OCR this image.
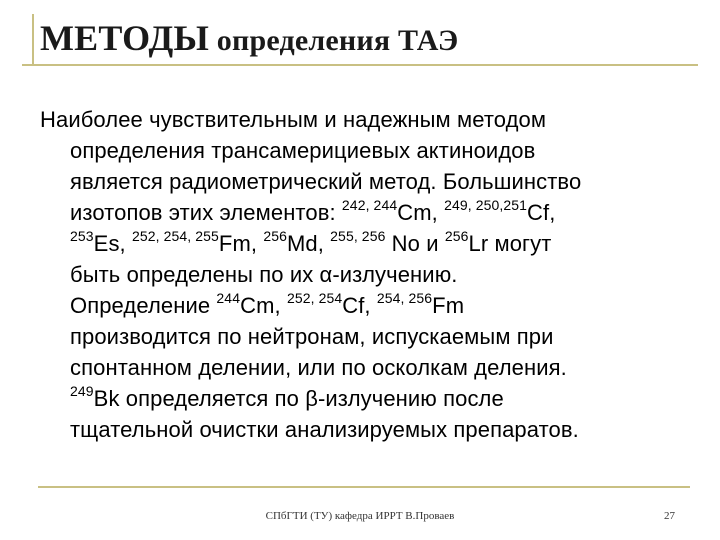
МЕТОДЫ определения ТАЭ
Наиболее чувствительным и надежным методом
определения трансамерициевых актиноидов
является радиометрический метод. Большинство
изотопов этих элементов: $^{242, 244}$Cm, $^{249, 250,251}$Cf,
$^{253}$Es, $^{252, 254, 255}$Fm, $^{256}$Md, $^{255, 256}$ No и $^{256}$Lr могут
быть определены по их α-излучению.
Определение $^{244}$Cm, $^{252, 254}$Cf, $^{254, 256}$Fm
производится по нейтронам, испускаемым при
спонтанном делении, или по осколкам деления.
$^{249}$Bk определяется по β-излучению после
тщательной очистки анализируемых препаратов.
СПбГТИ (ТУ) кафедра ИРРТ В.Проваев	27
